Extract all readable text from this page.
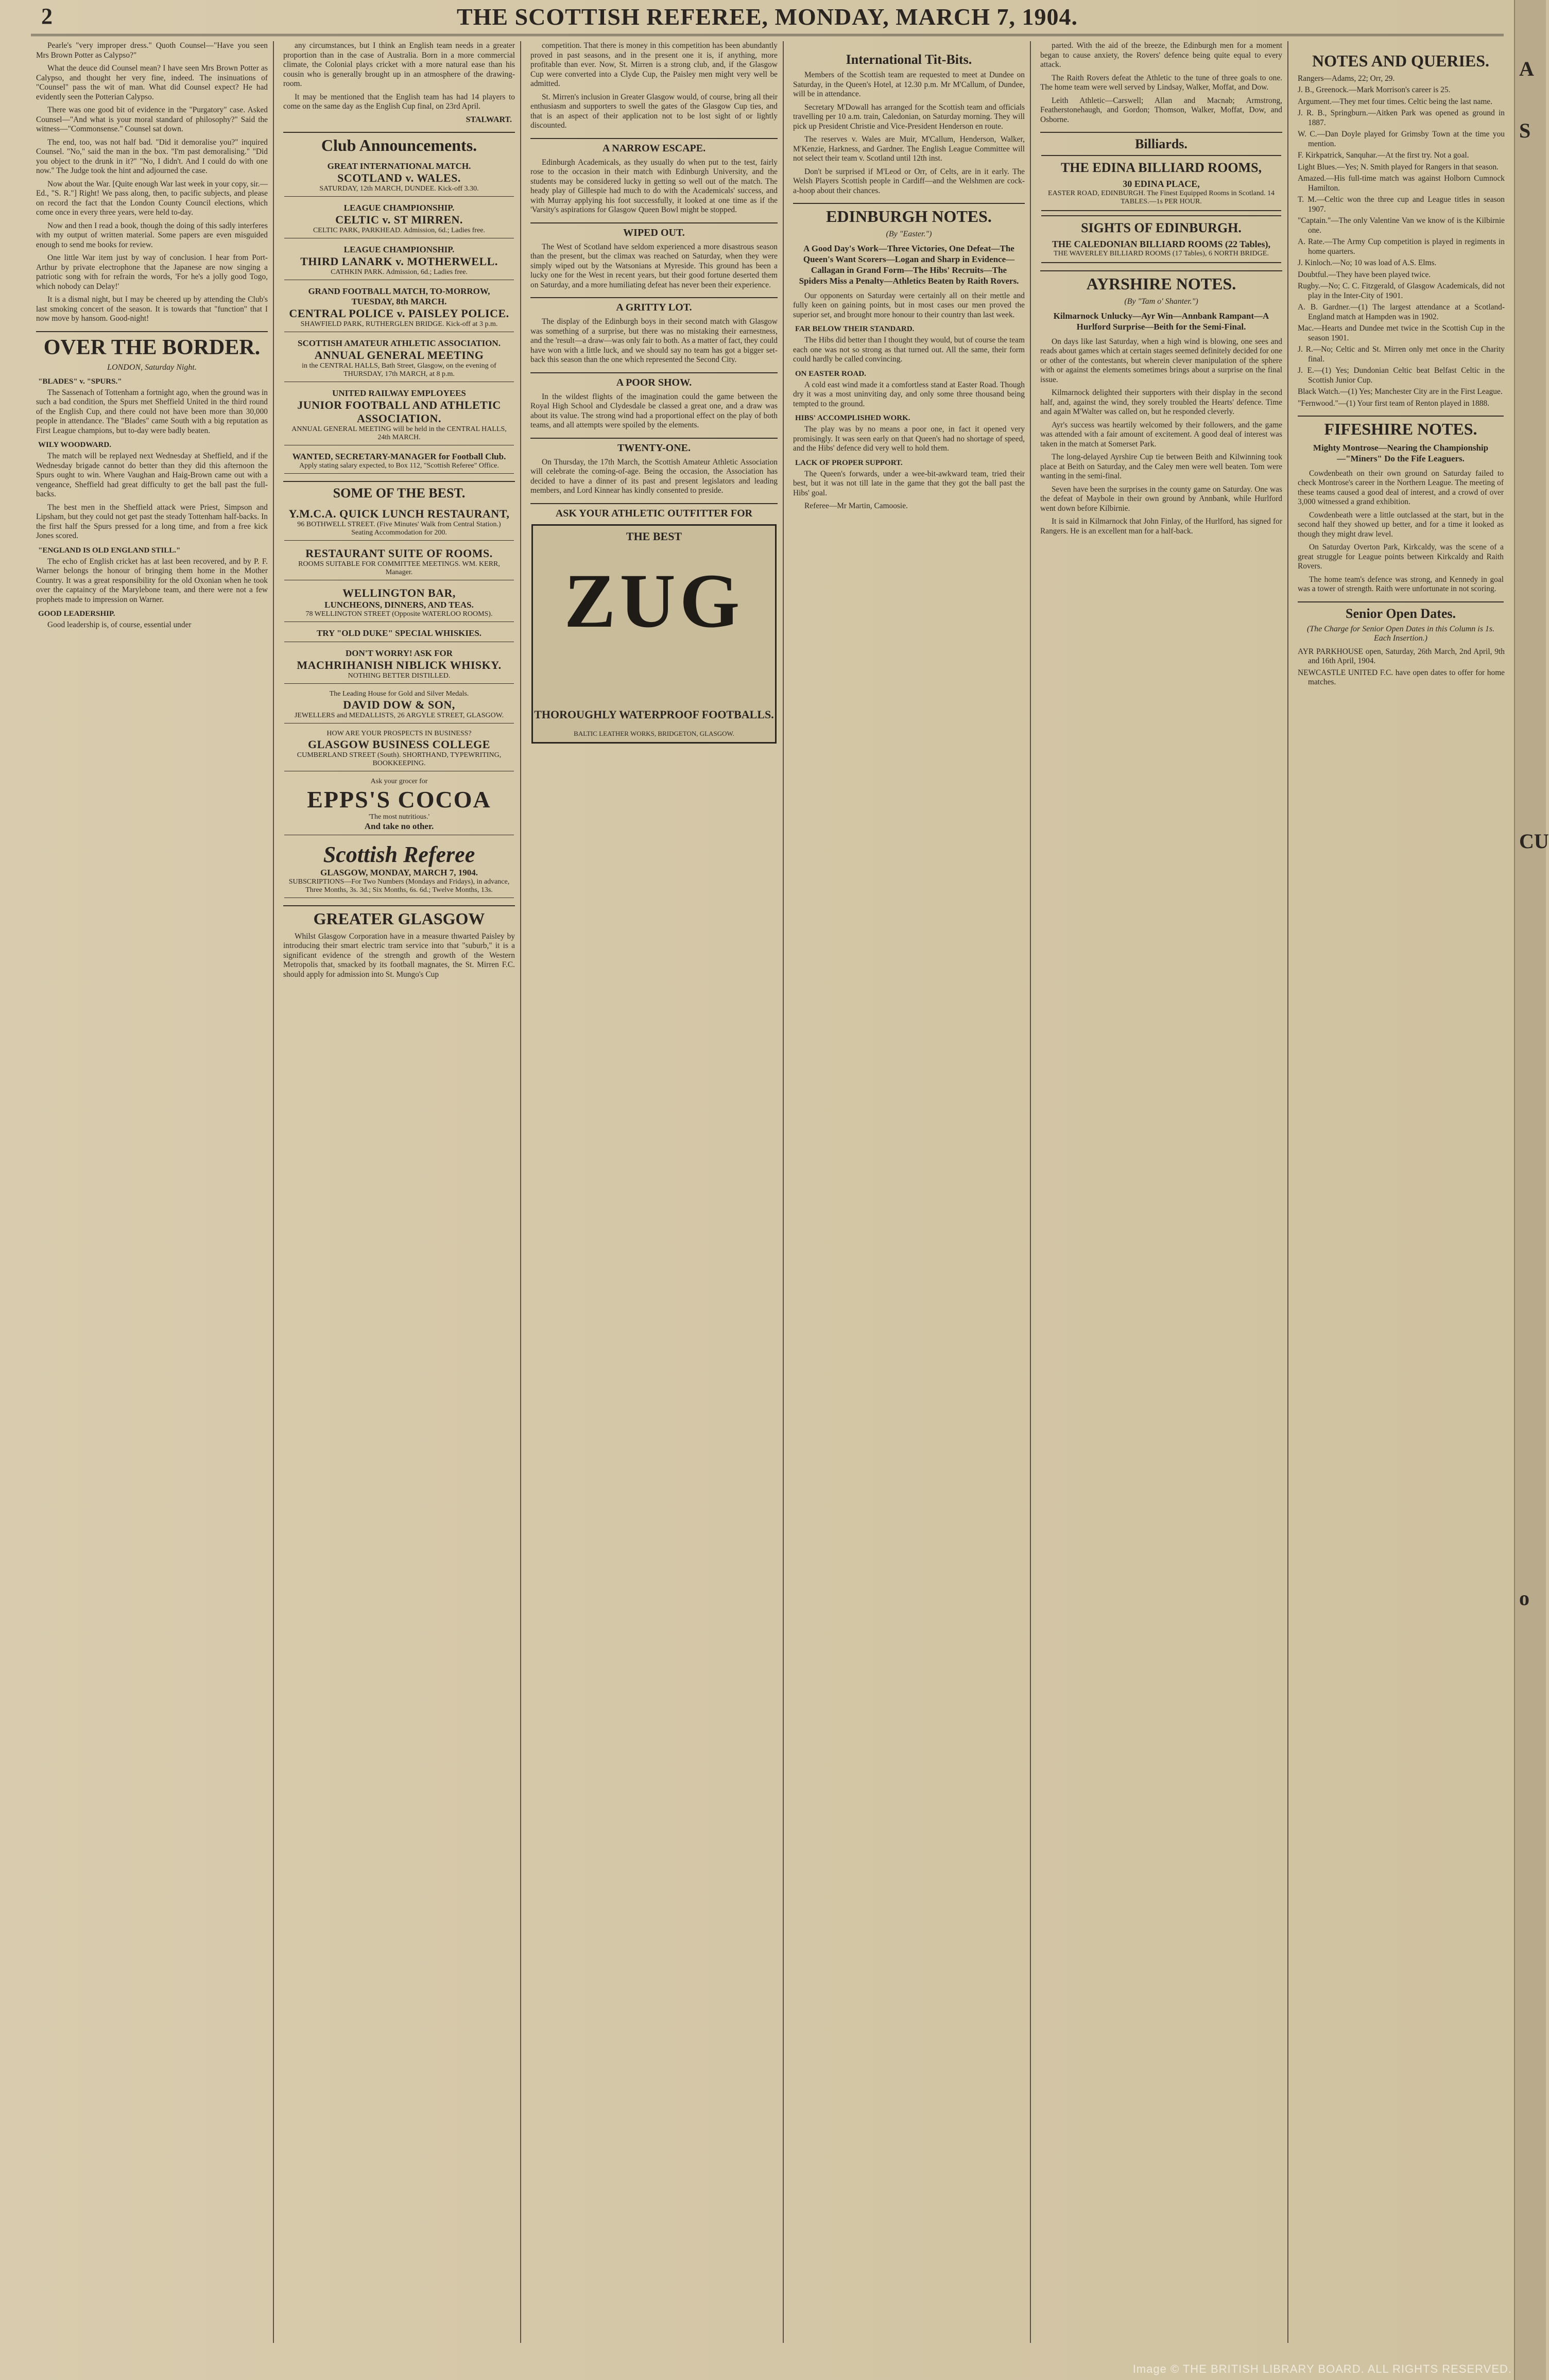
A
S
CU
o
2	THE SCOTTISH REFEREE, MONDAY, MARCH 7, 1904.

Pearle's "very improper dress." Quoth Counsel—"Have you seen Mrs Brown Potter as Calypso?"

What the deuce did Counsel mean? I have seen Mrs Brown Potter as Calypso, and thought her very fine, indeed. The insinuations of "Counsel" pass the wit of man. What did Counsel expect? He had evidently seen the Potterian Calypso.

There was one good bit of evidence in the "Purgatory" case. Asked Counsel—"And what is your moral standard of philosophy?" Said the witness—"Commonsense." Counsel sat down.

The end, too, was not half bad. "Did it demoralise you?" inquired Counsel. "No," said the man in the box. "I'm past demoralising." "Did you object to the drunk in it?" "No, I didn't. And I could do with one now." The Judge took the hint and adjourned the case.

Now about the War. [Quite enough War last week in your copy, sir.—Ed., "S. R."] Right! We pass along, then, to pacific subjects, and please on record the fact that the London County Council elections, which come once in every three years, were held to-day.

Now and then I read a book, though the doing of this sadly interferes with my output of written material. Some papers are even misguided enough to send me books for review.

One little War item just by way of conclusion. I hear from Port-Arthur by private electrophone that the Japanese are now singing a patriotic song with for refrain the words, 'For he's a jolly good Togo, which nobody can Delay!'

It is a dismal night, but I may be cheered up by attending the Club's last smoking concert of the season. It is towards that "function" that I now move by hansom. Good-night!

OVER THE BORDER.
LONDON, Saturday Night.
"BLADES" v. "SPURS."

The Sassenach of Tottenham a fortnight ago, when the ground was in such a bad condition, the Spurs met Sheffield United in the third round of the English Cup, and there could not have been more than 30,000 people in attendance. The "Blades" came South with a big reputation as First League champions, but to-day were badly beaten.

WILY WOODWARD.

The match will be replayed next Wednesday at Sheffield, and if the Wednesday brigade cannot do better than they did this afternoon the Spurs ought to win. Where Vaughan and Haig-Brown came out with a vengeance, Sheffield had great difficulty to get the ball past the full-backs.

The best men in the Sheffield attack were Priest, Simpson and Lipsham, but they could not get past the steady Tottenham half-backs. In the first half the Spurs pressed for a long time, and from a free kick Jones scored.

"ENGLAND IS OLD ENGLAND STILL."

The echo of English cricket has at last been recovered, and by P. F. Warner belongs the honour of bringing them home in the Mother Country. It was a great responsibility for the old Oxonian when he took over the captaincy of the Marylebone team, and there were not a few prophets made to impression on Warner.

GOOD LEADERSHIP.

Good leadership is, of course, essential under

any circumstances, but I think an English team needs in a greater proportion than in the case of Australia. Born in a more commercial climate, the Colonial plays cricket with a more natural ease than his cousin who is generally brought up in an atmosphere of the drawing-room.

It may be mentioned that the English team has had 14 players to come on the same day as the English Cup final, on 23rd April.

STALWART.
Club Announcements.
GREAT INTERNATIONAL MATCH.
SCOTLAND v. WALES.
SATURDAY, 12th MARCH, DUNDEE. Kick-off 3.30.
LEAGUE CHAMPIONSHIP.
CELTIC v. ST MIRREN.
CELTIC PARK, PARKHEAD. Admission, 6d.; Ladies free.
LEAGUE CHAMPIONSHIP.
THIRD LANARK v. MOTHERWELL.
CATHKIN PARK. Admission, 6d.; Ladies free.
GRAND FOOTBALL MATCH, TO-MORROW, TUESDAY, 8th MARCH.
CENTRAL POLICE v. PAISLEY POLICE.
SHAWFIELD PARK, RUTHERGLEN BRIDGE. Kick-off at 3 p.m.
SCOTTISH AMATEUR ATHLETIC ASSOCIATION.
ANNUAL GENERAL MEETING
in the CENTRAL HALLS, Bath Street, Glasgow, on the evening of THURSDAY, 17th MARCH, at 8 p.m.
UNITED RAILWAY EMPLOYEES
JUNIOR FOOTBALL AND ATHLETIC ASSOCIATION.
ANNUAL GENERAL MEETING will be held in the CENTRAL HALLS, 24th MARCH.
WANTED, SECRETARY-MANAGER for Football Club.
Apply stating salary expected, to Box 112, "Scottish Referee" Office.
SOME OF THE BEST.
Y.M.C.A. QUICK LUNCH RESTAURANT,
96 BOTHWELL STREET. (Five Minutes' Walk from Central Station.) Seating Accommodation for 200.
RESTAURANT SUITE OF ROOMS.
ROOMS SUITABLE FOR COMMITTEE MEETINGS. WM. KERR, Manager.
WELLINGTON BAR,
LUNCHEONS, DINNERS, AND TEAS.
78 WELLINGTON STREET (Opposite WATERLOO ROOMS).
TRY "OLD DUKE" SPECIAL WHISKIES.
DON'T WORRY! ASK FOR
MACHRIHANISH NIBLICK WHISKY.
NOTHING BETTER DISTILLED.
The Leading House for Gold and Silver Medals.
DAVID DOW & SON,
JEWELLERS and MEDALLISTS, 26 ARGYLE STREET, GLASGOW.
HOW ARE YOUR PROSPECTS IN BUSINESS?
GLASGOW BUSINESS COLLEGE
CUMBERLAND STREET (South). SHORTHAND, TYPEWRITING, BOOKKEEPING.
Ask your grocer for
EPPS'S COCOA
'The most nutritious.'
And take no other.
Scottish Referee
GLASGOW, MONDAY, MARCH 7, 1904.
SUBSCRIPTIONS—For Two Numbers (Mondays and Fridays), in advance, Three Months, 3s. 3d.; Six Months, 6s. 6d.; Twelve Months, 13s.
GREATER GLASGOW

Whilst Glasgow Corporation have in a measure thwarted Paisley by introducing their smart electric tram service into that "suburb," it is a significant evidence of the strength and growth of the Western Metropolis that, smacked by its football magnates, the St. Mirren F.C. should apply for admission into St. Mungo's Cup

competition. That there is money in this competition has been abundantly proved in past seasons, and in the present one it is, if anything, more profitable than ever. Now, St. Mirren is a strong club, and, if the Glasgow Cup were converted into a Clyde Cup, the Paisley men might very well be admitted.

St. Mirren's inclusion in Greater Glasgow would, of course, bring all their enthusiasm and supporters to swell the gates of the Glasgow Cup ties, and that is an aspect of their application not to be lost sight of or lightly discounted.

A NARROW ESCAPE.

Edinburgh Academicals, as they usually do when put to the test, fairly rose to the occasion in their match with Edinburgh University, and the students may be considered lucky in getting so well out of the match. The heady play of Gillespie had much to do with the Academicals' success, and with Murray applying his foot successfully, it looked at one time as if the 'Varsity's aspirations for Glasgow Queen Bowl might be stopped.

WIPED OUT.

The West of Scotland have seldom experienced a more disastrous season than the present, but the climax was reached on Saturday, when they were simply wiped out by the Watsonians at Myreside. This ground has been a lucky one for the West in recent years, but their good fortune deserted them on Saturday, and a more humiliating defeat has never been their experience.

A GRITTY LOT.

The display of the Edinburgh boys in their second match with Glasgow was something of a surprise, but there was no mistaking their earnestness, and the 'result—a draw—was only fair to both. As a matter of fact, they could have won with a little luck, and we should say no team has got a bigger set-back this season than the one which represented the Second City.

A POOR SHOW.

In the wildest flights of the imagination could the game between the Royal High School and Clydesdale be classed a great one, and a draw was about its value. The strong wind had a proportional effect on the play of both teams, and all attempts were spoiled by the elements.

TWENTY-ONE.

On Thursday, the 17th March, the Scottish Amateur Athletic Association will celebrate the coming-of-age. Being the occasion, the Association has decided to have a dinner of its past and present legislators and leading members, and Lord Kinnear has kindly consented to preside.

ASK YOUR ATHLETIC OUTFITTER FOR
THE BEST
ZUG
THOROUGHLY WATERPROOF FOOTBALLS.
BALTIC LEATHER WORKS, BRIDGETON, GLASGOW.
International Tit-Bits.

Members of the Scottish team are requested to meet at Dundee on Saturday, in the Queen's Hotel, at 12.30 p.m. Mr M'Callum, of Dundee, will be in attendance.

Secretary M'Dowall has arranged for the Scottish team and officials travelling per 10 a.m. train, Caledonian, on Saturday morning. They will pick up President Christie and Vice-President Henderson en route.

The reserves v. Wales are Muir, M'Callum, Henderson, Walker, M'Kenzie, Harkness, and Gardner. The English League Committee will not select their team v. Scotland until 12th inst.

Don't be surprised if M'Leod or Orr, of Celts, are in it early. The Welsh Players Scottish people in Cardiff—and the Welshmen are cock-a-hoop about their chances.

EDINBURGH NOTES.
(By "Easter.")
A Good Day's Work—Three Victories, One Defeat—The Queen's Want Scorers—Logan and Sharp in Evidence—Callagan in Grand Form—The Hibs' Recruits—The Spiders Miss a Penalty—Athletics Beaten by Raith Rovers.

Our opponents on Saturday were certainly all on their mettle and fully keen on gaining points, but in most cases our men proved the superior set, and brought more honour to their country than last week.

FAR BELOW THEIR STANDARD.

The Hibs did better than I thought they would, but of course the team each one was not so strong as that turned out. All the same, their form could hardly be called convincing.

ON EASTER ROAD.

A cold east wind made it a comfortless stand at Easter Road. Though dry it was a most uninviting day, and only some three thousand being tempted to the ground.

HIBS' ACCOMPLISHED WORK.

The play was by no means a poor one, in fact it opened very promisingly. It was seen early on that Queen's had no shortage of speed, and the Hibs' defence did very well to hold them.

LACK OF PROPER SUPPORT.

The Queen's forwards, under a wee-bit-awkward team, tried their best, but it was not till late in the game that they got the ball past the Hibs' goal.

Referee—Mr Martin, Camoosie.

parted. With the aid of the breeze, the Edinburgh men for a moment began to cause anxiety, the Rovers' defence being quite equal to every attack.

The Raith Rovers defeat the Athletic to the tune of three goals to one. The home team were well served by Lindsay, Walker, Moffat, and Dow.

Leith Athletic—Carswell; Allan and Macnab; Armstrong, Featherstonehaugh, and Gordon; Thomson, Walker, Moffat, Dow, and Osborne.

Billiards.
THE EDINA BILLIARD ROOMS,
30 EDINA PLACE,
EASTER ROAD, EDINBURGH. The Finest Equipped Rooms in Scotland. 14 TABLES.—1s PER HOUR.
SIGHTS OF EDINBURGH.
THE CALEDONIAN BILLIARD ROOMS (22 Tables),
THE WAVERLEY BILLIARD ROOMS (17 Tables), 6 NORTH BRIDGE.
AYRSHIRE NOTES.
(By "Tam o' Shanter.")
Kilmarnock Unlucky—Ayr Win—Annbank Rampant—A Hurlford Surprise—Beith for the Semi-Final.

On days like last Saturday, when a high wind is blowing, one sees and reads about games which at certain stages seemed definitely decided for one or other of the contestants, but wherein clever manipulation of the sphere with or against the elements sometimes brings about a surprise on the final issue.

Kilmarnock delighted their supporters with their display in the second half, and, against the wind, they sorely troubled the Hearts' defence. Time and again M'Walter was called on, but he responded cleverly.

Ayr's success was heartily welcomed by their followers, and the game was attended with a fair amount of excitement. A good deal of interest was taken in the match at Somerset Park.

The long-delayed Ayrshire Cup tie between Beith and Kilwinning took place at Beith on Saturday, and the Caley men were well beaten. Tom were wanting in the semi-final.

Seven have been the surprises in the county game on Saturday. One was the defeat of Maybole in their own ground by Annbank, while Hurlford went down before Kilbirnie.

It is said in Kilmarnock that John Finlay, of the Hurlford, has signed for Rangers. He is an excellent man for a half-back.

NOTES AND QUERIES.

Rangers—Adams, 22; Orr, 29.

J. B., Greenock.—Mark Morrison's career is 25.

Argument.—They met four times. Celtic being the last name.

J. R. B., Springburn.—Aitken Park was opened as ground in 1887.

W. C.—Dan Doyle played for Grimsby Town at the time you mention.

F. Kirkpatrick, Sanquhar.—At the first try. Not a goal.

Light Blues.—Yes; N. Smith played for Rangers in that season.

Amazed.—His full-time match was against Holborn Cumnock Hamilton.

T. M.—Celtic won the three cup and League titles in season 1907.

"Captain."—The only Valentine Van we know of is the Kilbirnie one.

A. Rate.—The Army Cup competition is played in regiments in home quarters.

J. Kinloch.—No; 10 was load of A.S. Elms.

Doubtful.—They have been played twice.

Rugby.—No; C. C. Fitzgerald, of Glasgow Academicals, did not play in the Inter-City of 1901.

A. B. Gardner.—(1) The largest attendance at a Scotland-England match at Hampden was in 1902.

Mac.—Hearts and Dundee met twice in the Scottish Cup in the season 1901.

J. R.—No; Celtic and St. Mirren only met once in the Charity final.

J. E.—(1) Yes; Dundonian Celtic beat Belfast Celtic in the Scottish Junior Cup.

Black Watch.—(1) Yes; Manchester City are in the First League.

"Fernwood."—(1) Your first team of Renton played in 1888.

FIFESHIRE NOTES.
Mighty Montrose—Nearing the Championship—"Miners" Do the Fife Leaguers.

Cowdenbeath on their own ground on Saturday failed to check Montrose's career in the Northern League. The meeting of these teams caused a good deal of interest, and a crowd of over 3,000 witnessed a grand exhibition.

Cowdenbeath were a little outclassed at the start, but in the second half they showed up better, and for a time it looked as though they might draw level.

On Saturday Overton Park, Kirkcaldy, was the scene of a great struggle for League points between Kirkcaldy and Raith Rovers.

The home team's defence was strong, and Kennedy in goal was a tower of strength. Raith were unfortunate in not scoring.

Senior Open Dates.
(The Charge for Senior Open Dates in this Column is 1s. Each Insertion.)

AYR PARKHOUSE open, Saturday, 26th March, 2nd April, 9th and 16th April, 1904.

NEWCASTLE UNITED F.C. have open dates to offer for home matches.

Image © THE BRITISH LIBRARY BOARD. ALL RIGHTS RESERVED.
